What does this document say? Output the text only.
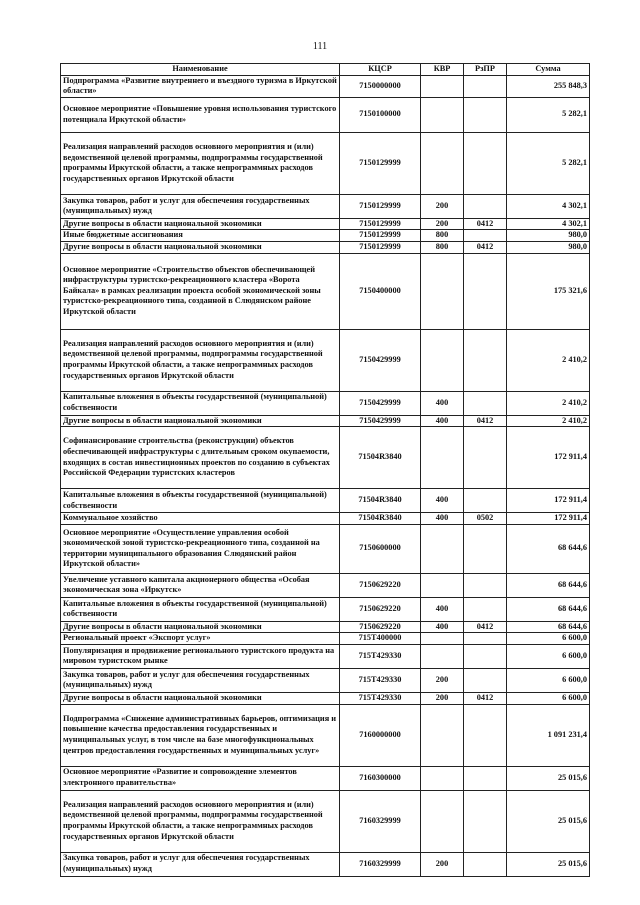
111
Наименование	КЦСР	КВР	РзПР	Сумма
Подпрограмма «Развитие внутреннего и въездного туризма в Иркутской области»	7150000000			255 848,3
Основное мероприятие «Повышение уровня использования туристского потенциала Иркутской области»	7150100000			5 282,1
Реализация направлений расходов основного мероприятия и (или) ведомственной целевой программы, подпрограммы государственной программы Иркутской области, а также непрограммных расходов государственных органов Иркутской области	7150129999			5 282,1
Закупка товаров, работ и услуг для обеспечения государственных (муниципальных) нужд	7150129999	200		4 302,1
Другие вопросы в области национальной экономики	7150129999	200	0412	4 302,1
Иные бюджетные ассигнования	7150129999	800		980,0
Другие вопросы в области национальной экономики	7150129999	800	0412	980,0
Основное мероприятие «Строительство объектов обеспечивающей инфраструктуры туристско-рекреационного кластера «Ворота Байкала» в рамках реализации проекта особой экономической зоны туристско-рекреационного типа, созданной в Слюдянском районе Иркутской области	7150400000			175 321,6
Реализация направлений расходов основного мероприятия и (или) ведомственной целевой программы, подпрограммы государственной программы Иркутской области, а также непрограммных расходов государственных органов Иркутской области	7150429999			2 410,2
Капитальные вложения в объекты государственной (муниципальной) собственности	7150429999	400		2 410,2
Другие вопросы в области национальной экономики	7150429999	400	0412	2 410,2
Софинансирование строительства (реконструкции) объектов обеспечивающей инфраструктуры с длительным сроком окупаемости, входящих в состав инвестиционных проектов по созданию в субъектах Российской Федерации туристских кластеров	71504R3840			172 911,4
Капитальные вложения в объекты государственной (муниципальной) собственности	71504R3840	400		172 911,4
Коммунальное хозяйство	71504R3840	400	0502	172 911,4
Основное мероприятие «Осуществление управления особой экономической зоной туристско-рекреационного типа, созданной на территории муниципального образования Слюдянский район Иркутской области»	7150600000			68 644,6
Увеличение уставного капитала акционерного общества «Особая экономическая зона «Иркутск»	7150629220			68 644,6
Капитальные вложения в объекты государственной (муниципальной) собственности	7150629220	400		68 644,6
Другие вопросы в области национальной экономики	7150629220	400	0412	68 644,6
Региональный проект «Экспорт услуг»	715T400000			6 600,0
Популяризация и продвижение регионального туристского продукта на мировом туристском рынке	715T429330			6 600,0
Закупка товаров, работ и услуг для обеспечения государственных (муниципальных) нужд	715T429330	200		6 600,0
Другие вопросы в области национальной экономики	715T429330	200	0412	6 600,0
Подпрограмма «Снижение административных барьеров, оптимизация и повышение качества предоставления государственных и муниципальных услуг, в том числе на базе многофункциональных центров предоставления государственных и муниципальных услуг»	7160000000			1 091 231,4
Основное мероприятие «Развитие и сопровождение элементов электронного правительства»	7160300000			25 015,6
Реализация направлений расходов основного мероприятия и (или) ведомственной целевой программы, подпрограммы государственной программы Иркутской области, а также непрограммных расходов государственных органов Иркутской области	7160329999			25 015,6
Закупка товаров, работ и услуг для обеспечения государственных (муниципальных) нужд	7160329999	200		25 015,6
